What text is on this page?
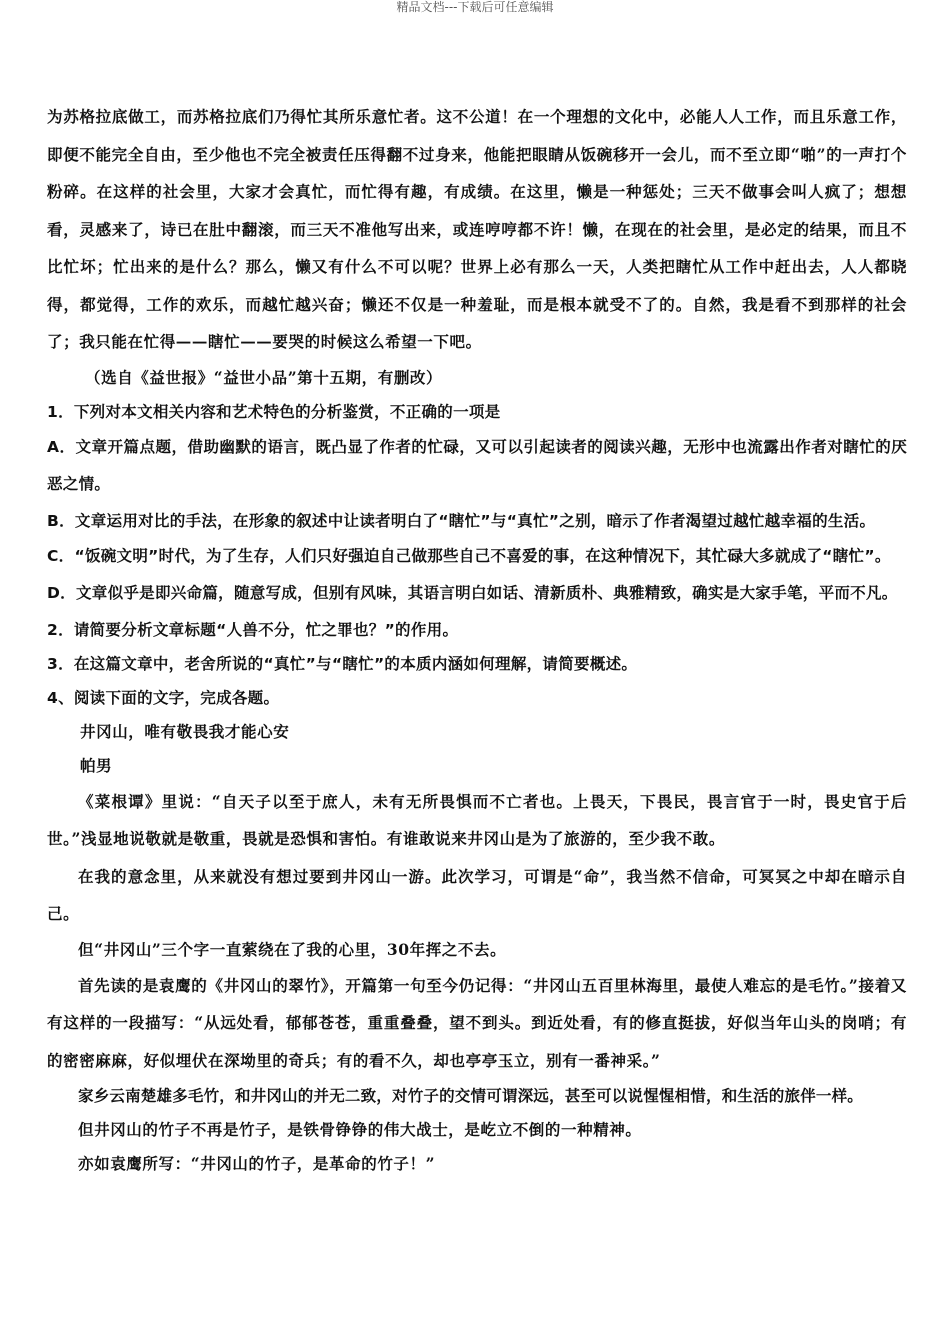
精品文档---下载后可任意编辑

为苏格拉底做工，而苏格拉底们乃得忙其所乐意忙者。这不公道！在一个理想的文化中，必能人人工作，而且乐意工作，即便不能完全自由，至少他也不完全被责任压得翻不过身来，他能把眼睛从饭碗移开一会儿，而不至立即“啪”的一声打个粉碎。在这样的社会里，大家才会真忙，而忙得有趣，有成绩。在这里，懒是一种惩处；三天不做事会叫人疯了；想想看，灵感来了，诗已在肚中翻滚，而三天不准他写出来，或连哼哼都不许！懒，在现在的社会里，是必定的结果，而且不比忙坏；忙出来的是什么？那么，懒又有什么不可以呢？世界上必有那么一天，人类把瞎忙从工作中赶出去，人人都晓得，都觉得，工作的欢乐，而越忙越兴奋；懒还不仅是一种羞耻，而是根本就受不了的。自然，我是看不到那样的社会了；我只能在忙得——瞎忙——要哭的时候这么希望一下吧。

（选自《益世报》“益世小品”第十五期，有删改）

1．下列对本文相关内容和艺术特色的分析鉴赏，不正确的一项是

A．文章开篇点题，借助幽默的语言，既凸显了作者的忙碌，又可以引起读者的阅读兴趣，无形中也流露出作者对瞎忙的厌恶之情。

B．文章运用对比的手法，在形象的叙述中让读者明白了“瞎忙”与“真忙”之别，暗示了作者渴望过越忙越幸福的生活。

C．“饭碗文明”时代，为了生存，人们只好强迫自己做那些自己不喜爱的事，在这种情况下，其忙碌大多就成了“瞎忙”。

D．文章似乎是即兴命篇，随意写成，但别有风味，其语言明白如话、清新质朴、典雅精致，确实是大家手笔，平而不凡。

2．请简要分析文章标题“人兽不分，忙之罪也？”的作用。

3．在这篇文章中，老舍所说的“真忙”与“瞎忙”的本质内涵如何理解，请简要概述。

4、阅读下面的文字，完成各题。

井冈山，唯有敬畏我才能心安

帕男

《菜根谭》里说：“自天子以至于庶人，未有无所畏惧而不亡者也。上畏天，下畏民，畏言官于一时，畏史官于后世。”浅显地说敬就是敬重，畏就是恐惧和害怕。有谁敢说来井冈山是为了旅游的，至少我不敢。

在我的意念里，从来就没有想过要到井冈山一游。此次学习，可谓是“命”，我当然不信命，可冥冥之中却在暗示自己。

但“井冈山”三个字一直萦绕在了我的心里，30年挥之不去。

首先读的是袁鹰的《井冈山的翠竹》，开篇第一句至今仍记得：“井冈山五百里林海里，最使人难忘的是毛竹。”接着又有这样的一段描写：“从远处看，郁郁苍苍，重重叠叠，望不到头。到近处看，有的修直挺拔，好似当年山头的岗哨；有的密密麻麻，好似埋伏在深坳里的奇兵；有的看不久，却也亭亭玉立，别有一番神采。”

家乡云南楚雄多毛竹，和井冈山的并无二致，对竹子的交情可谓深远，甚至可以说惺惺相惜，和生活的旅伴一样。

但井冈山的竹子不再是竹子，是铁骨铮铮的伟大战士，是屹立不倒的一种精神。

亦如袁鹰所写：“井冈山的竹子，是革命的竹子！”
